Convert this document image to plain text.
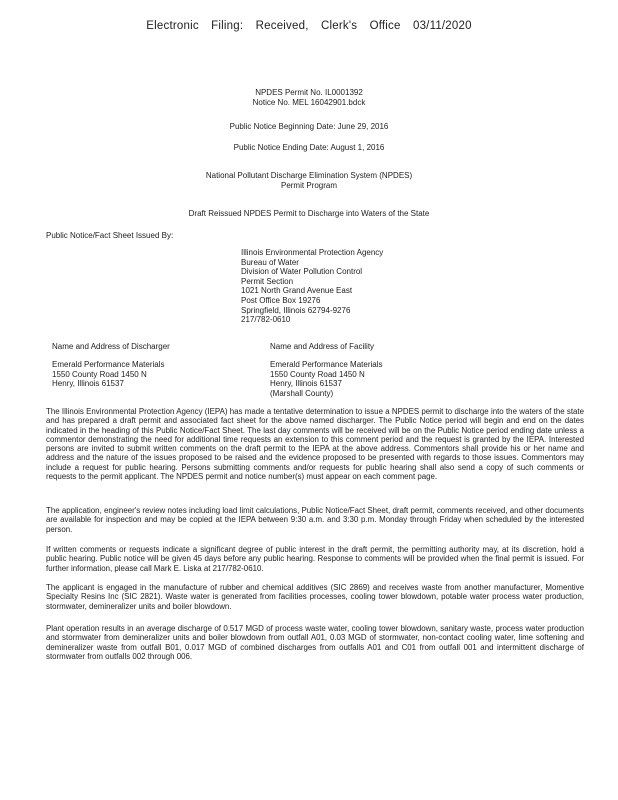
Electronic Filing: Received, Clerk's Office 03/11/2020
NPDES Permit No. IL0001392
Notice No. MEL 16042901.bdck
Public Notice Beginning Date: June 29, 2016
Public Notice Ending Date: August 1, 2016
National Pollutant Discharge Elimination System (NPDES)
Permit Program
Draft Reissued NPDES Permit to Discharge into Waters of the State
Public Notice/Fact Sheet Issued By:
Illinois Environmental Protection Agency
Bureau of Water
Division of Water Pollution Control
Permit Section
1021 North Grand Avenue East
Post Office Box 19276
Springfield, Illinois 62794-9276
217/782-0610
Name and Address of Discharger	Name and Address of Facility
Emerald Performance Materials
1550 County Road 1450 N
Henry, Illinois 61537
Emerald Performance Materials
1550 County Road 1450 N
Henry, Illinois 61537
(Marshall County)

The Illinois Environmental Protection Agency (IEPA) has made a tentative determination to issue a NPDES permit to discharge into the waters of the state and has prepared a draft permit and associated fact sheet for the above named discharger. The Public Notice period will begin and end on the dates indicated in the heading of this Public Notice/Fact Sheet. The last day comments will be received will be on the Public Notice period ending date unless a commentor demonstrating the need for additional time requests an extension to this comment period and the request is granted by the IEPA. Interested persons are invited to submit written comments on the draft permit to the IEPA at the above address. Commentors shall provide his or her name and address and the nature of the issues proposed to be raised and the evidence proposed to be presented with regards to those issues. Commentors may include a request for public hearing. Persons submitting comments and/or requests for public hearing shall also send a copy of such comments or requests to the permit applicant. The NPDES permit and notice number(s) must appear on each comment page.

The application, engineer's review notes including load limit calculations, Public Notice/Fact Sheet, draft permit, comments received, and other documents are available for inspection and may be copied at the IEPA between 9:30 a.m. and 3:30 p.m. Monday through Friday when scheduled by the interested person.

If written comments or requests indicate a significant degree of public interest in the draft permit, the permitting authority may, at its discretion, hold a public hearing. Public notice will be given 45 days before any public hearing. Response to comments will be provided when the final permit is issued. For further information, please call Mark E. Liska at 217/782-0610.

The applicant is engaged in the manufacture of rubber and chemical additives (SIC 2869) and receives waste from another manufacturer, Momentive Specialty Resins Inc (SIC 2821). Waste water is generated from facilities processes, cooling tower blowdown, potable water process water production, stormwater, demineralizer units and boiler blowdown.

Plant operation results in an average discharge of 0.517 MGD of process waste water, cooling tower blowdown, sanitary waste, process water production and stormwater from demineralizer units and boiler blowdown from outfall A01, 0.03 MGD of stormwater, non-contact cooling water, lime softening and demineralizer waste from outfall B01, 0.017 MGD of combined discharges from outfalls A01 and C01 from outfall 001 and intermittent discharge of stormwater from outfalls 002 through 006.
